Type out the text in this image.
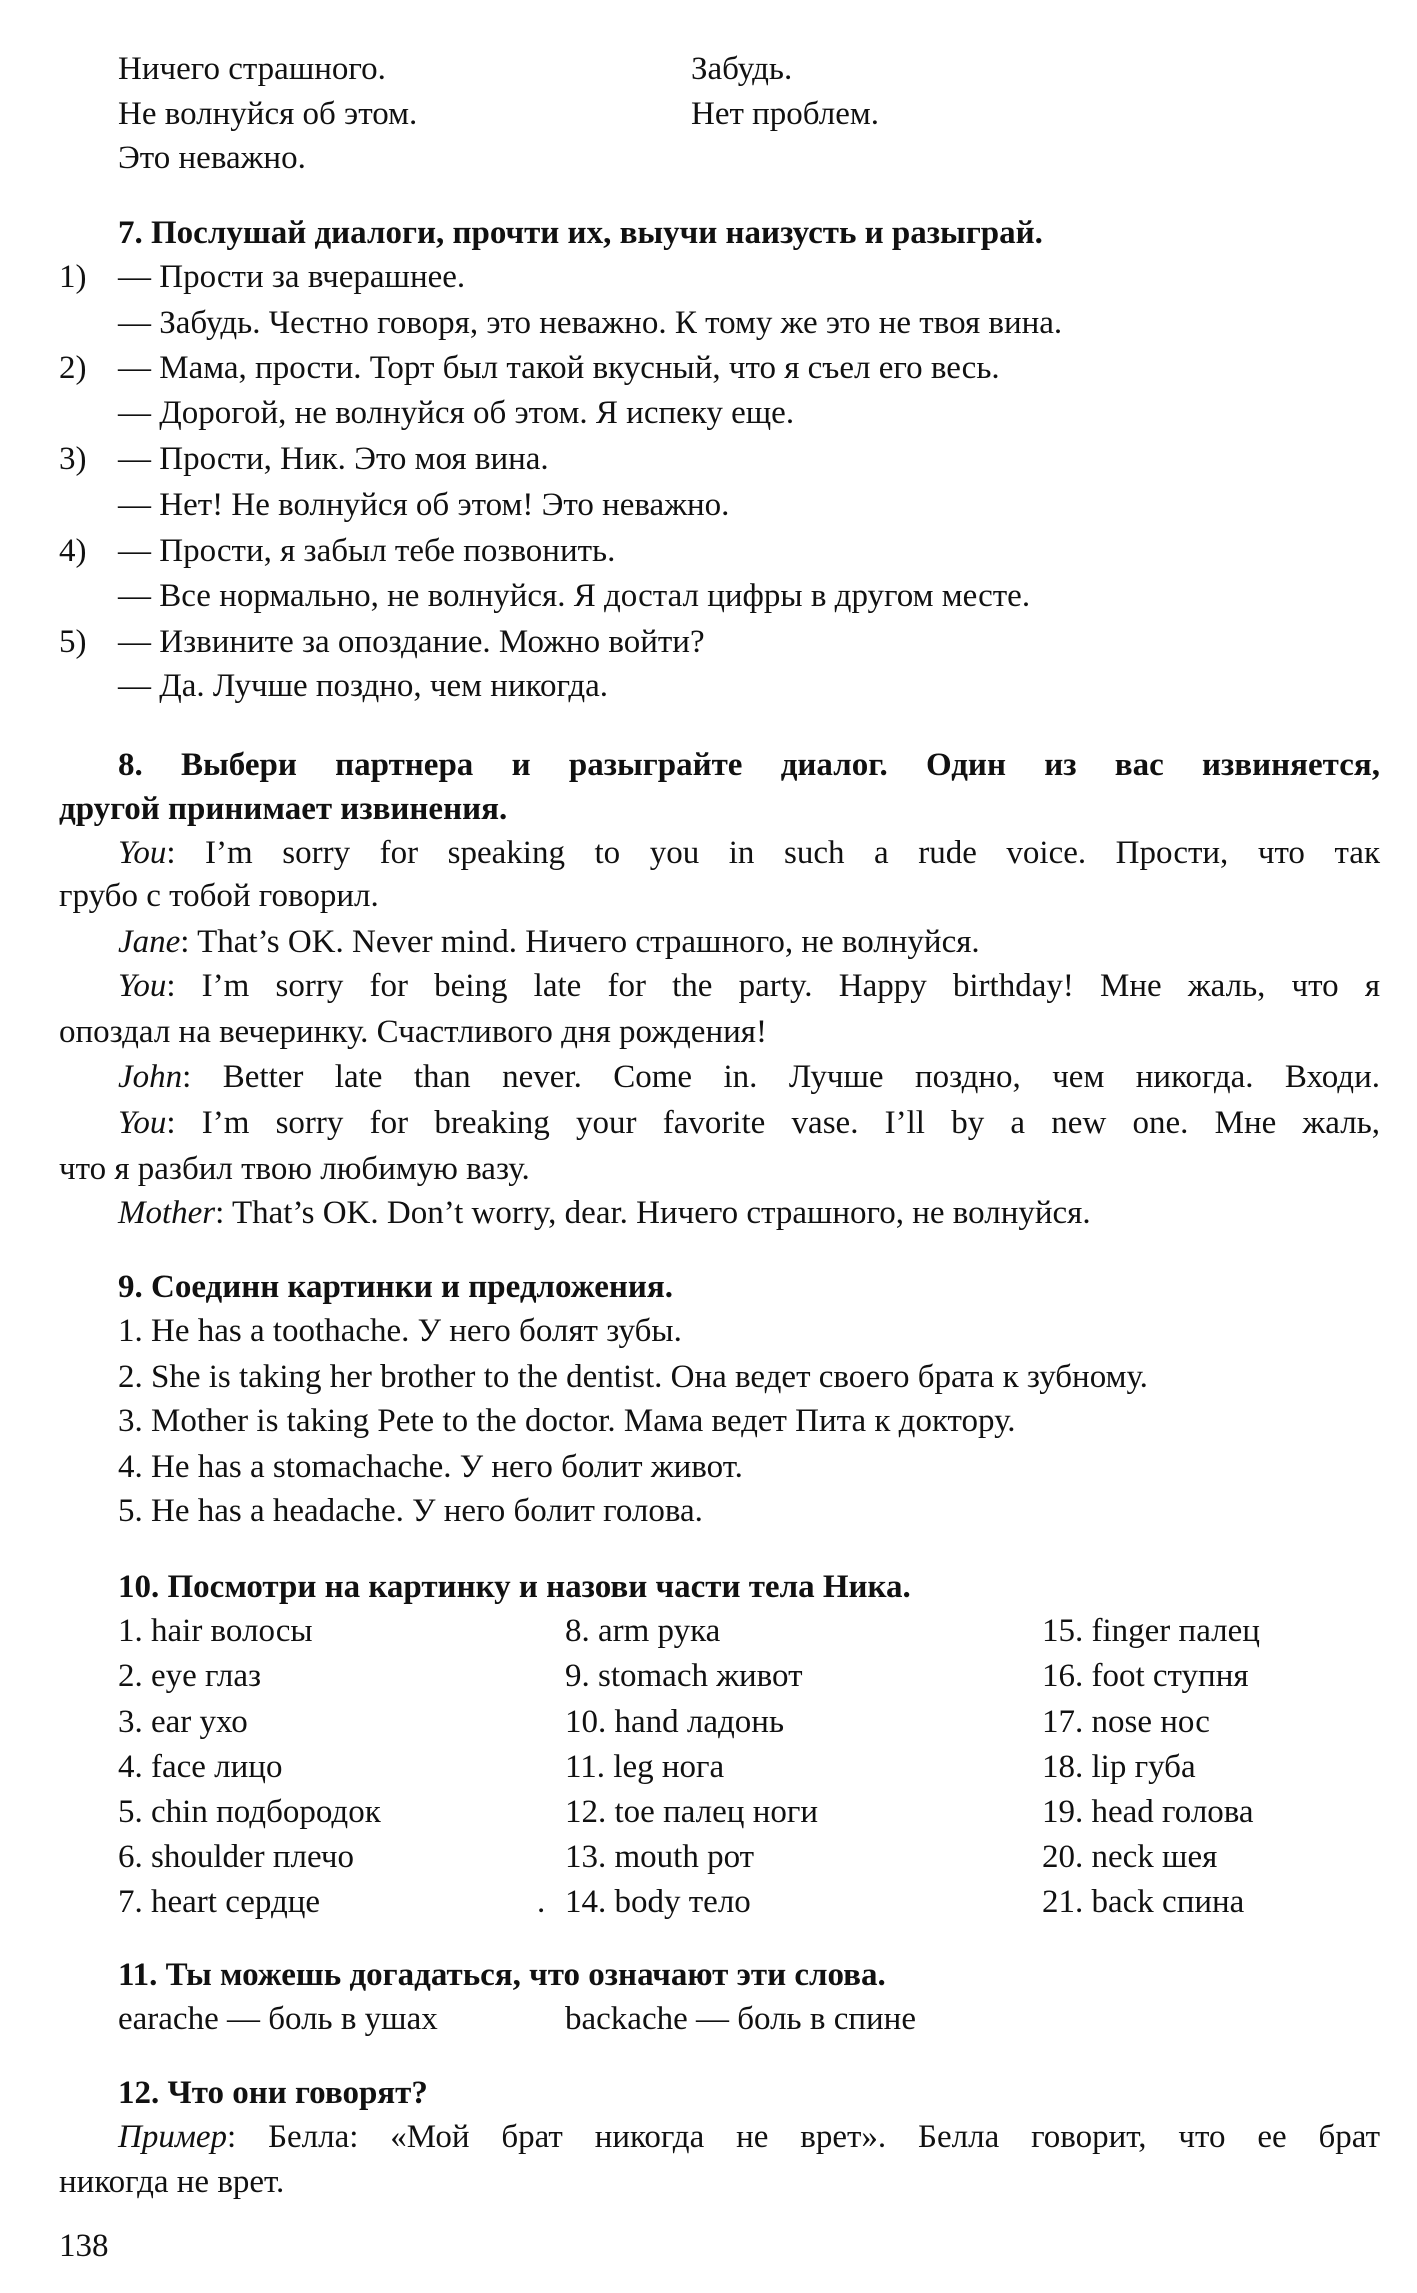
Ничего страшного.
Не волнуйся об этом.
Это неважно.
Забудь.
Нет проблем.
7. Послушай диалоги, прочти их, выучи наизусть и разыграй.
1) — Прости за вчерашнее.
— Забудь. Честно говоря, это неважно. К тому же это не твоя вина.
2) — Мама, прости. Торт был такой вкусный, что я съел его весь.
— Дорогой, не волнуйся об этом. Я испеку еще.
3) — Прости, Ник. Это моя вина.
— Нет! Не волнуйся об этом! Это неважно.
4) — Прости, я забыл тебе позвонить.
— Все нормально, не волнуйся. Я достал цифры в другом месте.
5) — Извините за опоздание. Можно войти?
— Да. Лучше поздно, чем никогда.
8. Выбери партнера и разыграйте диалог. Один из вас извиняется,
другой принимает извинения.
You: I’m sorry for speaking to you in such a rude voice. Прости, что так
грубо с тобой говорил.
Jane: That’s OK. Never mind. Ничего страшного, не волнуйся.
You: I’m sorry for being late for the party. Happy birthday! Мне жаль, что я
опоздал на вечеринку. Счастливого дня рождения!
John: Better late than never. Come in. Лучше поздно, чем никогда. Входи.
You: I’m sorry for breaking your favorite vase. I’ll by a new one. Мне жаль,
что я разбил твою любимую вазу.
Mother: That’s OK. Don’t worry, dear. Ничего страшного, не волнуйся.
9. Соединн картинки и предложения.
1. He has a toothache. У него болят зубы.
2. She is taking her brother to the dentist. Она ведет своего брата к зубному.
3. Mother is taking Pete to the doctor. Мама ведет Пита к доктору.
4. He has a stomachache. У него болит живот.
5. He has a headache. У него болит голова.
10. Посмотри на картинку и назови части тела Ника.
1. hair волосы
2. eye глаз
3. ear ухо
4. face лицо
5. chin подбородок
6. shoulder плечо
7. heart сердце
8. arm рука
9. stomach живот
10. hand ладонь
11. leg нога
12. toe палец ноги
13. mouth рот
. 14. body тело
15. finger палец
16. foot ступня
17. nose нос
18. lip губа
19. head голова
20. neck шея
21. back спина
11. Ты можешь догадаться, что означают эти слова.
earache — боль в ушах	backache — боль в спине
12. Что они говорят?
Пример: Белла: «Мой брат никогда не врет». Белла говорит, что ее брат
никогда не врет.
138
